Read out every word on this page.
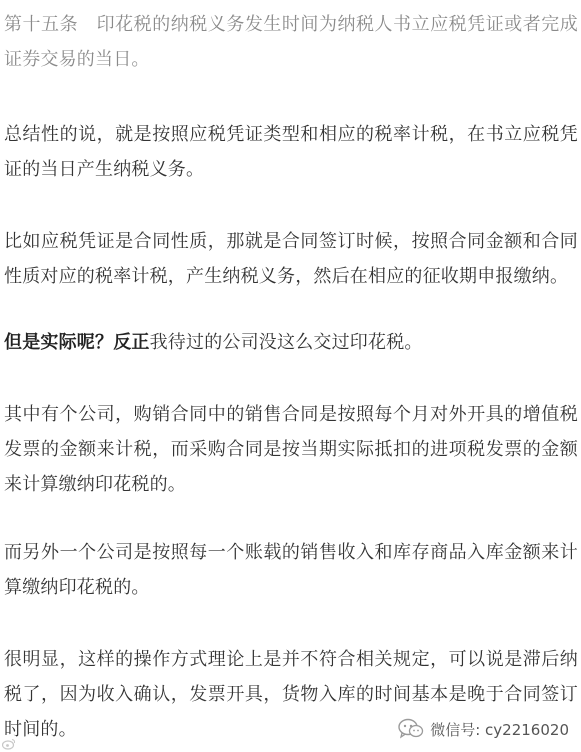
第十五条　印花税的纳税义务发生时间为纳税人书立应税凭证或者完成证券交易的当日。

总结性的说，就是按照应税凭证类型和相应的税率计税，在书立应税凭证的当日产生纳税义务。

比如应税凭证是合同性质，那就是合同签订时候，按照合同金额和合同性质对应的税率计税，产生纳税义务，然后在相应的征收期申报缴纳。

但是实际呢？反正我待过的公司没这么交过印花税。

其中有个公司，购销合同中的销售合同是按照每个月对外开具的增值税发票的金额来计税，而采购合同是按当期实际抵扣的进项税发票的金额来计算缴纳印花税的。

而另外一个公司是按照每一个账载的销售收入和库存商品入库金额来计算缴纳印花税的。

很明显，这样的操作方式理论上是并不符合相关规定，可以说是滞后纳税了，因为收入确认，发票开具，货物入库的时间基本是晚于合同签订时间的。	微信号: cy2216020
